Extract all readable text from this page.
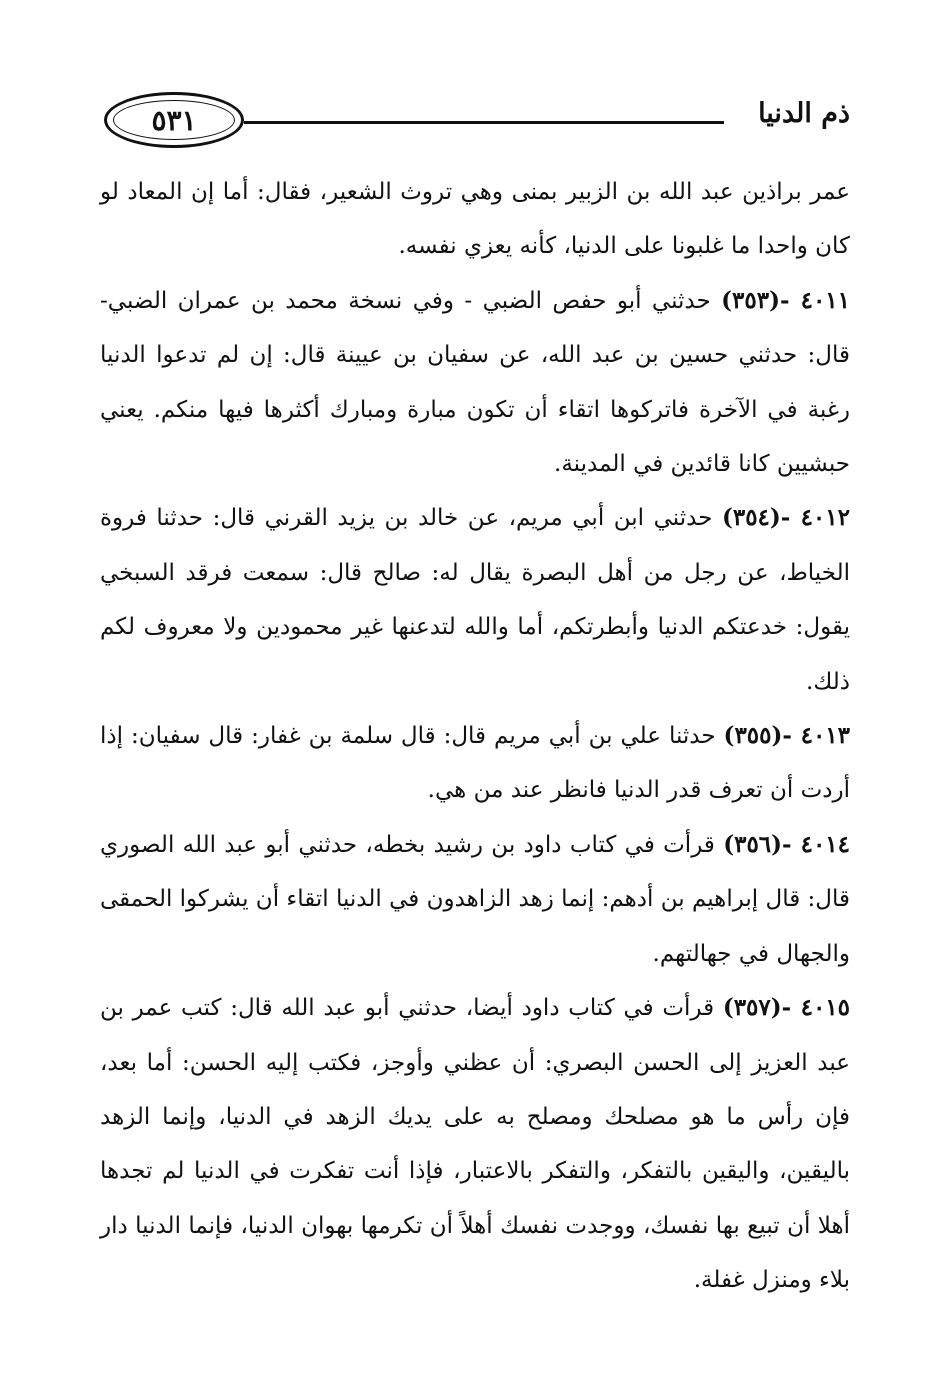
٥٣١	ذم الدنيا

عمر براذين عبد الله بن الزبير بمنى وهي تروث الشعير، فقال: أما إن المعاد لو كان واحدا ما غلبونا على الدنيا، كأنه يعزي نفسه.

٤٠١١ -(٣٥٣) حدثني أبو حفص الضبي - وفي نسخة محمد بن عمران الضبي- قال: حدثني حسين بن عبد الله، عن سفيان بن عيينة قال: إن لم تدعوا الدنيا رغبة في الآخرة فاتركوها اتقاء أن تكون مبارة ومبارك أكثرها فيها منكم. يعني حبشيين كانا قائدين في المدينة.

٤٠١٢ -(٣٥٤) حدثني ابن أبي مريم، عن خالد بن يزيد القرني قال: حدثنا فروة الخياط، عن رجل من أهل البصرة يقال له: صالح قال: سمعت فرقد السبخي يقول: خدعتكم الدنيا وأبطرتكم، أما والله لتدعنها غير محمودين ولا معروف لكم ذلك.

٤٠١٣ -(٣٥٥) حدثنا علي بن أبي مريم قال: قال سلمة بن غفار: قال سفيان: إذا أردت أن تعرف قدر الدنيا فانظر عند من هي.

٤٠١٤ -(٣٥٦) قرأت في كتاب داود بن رشيد بخطه، حدثني أبو عبد الله الصوري قال: قال إبراهيم بن أدهم: إنما زهد الزاهدون في الدنيا اتقاء أن يشركوا الحمقى والجهال في جهالتهم.

٤٠١٥ -(٣٥٧) قرأت في كتاب داود أيضا، حدثني أبو عبد الله قال: كتب عمر بن عبد العزيز إلى الحسن البصري: أن عظني وأوجز، فكتب إليه الحسن: أما بعد، فإن رأس ما هو مصلحك ومصلح به على يديك الزهد في الدنيا، وإنما الزهد باليقين، واليقين بالتفكر، والتفكر بالاعتبار، فإذا أنت تفكرت في الدنيا لم تجدها أهلا أن تبيع بها نفسك، ووجدت نفسك أهلاً أن تكرمها بهوان الدنيا، فإنما الدنيا دار بلاء ومنزل غفلة.
